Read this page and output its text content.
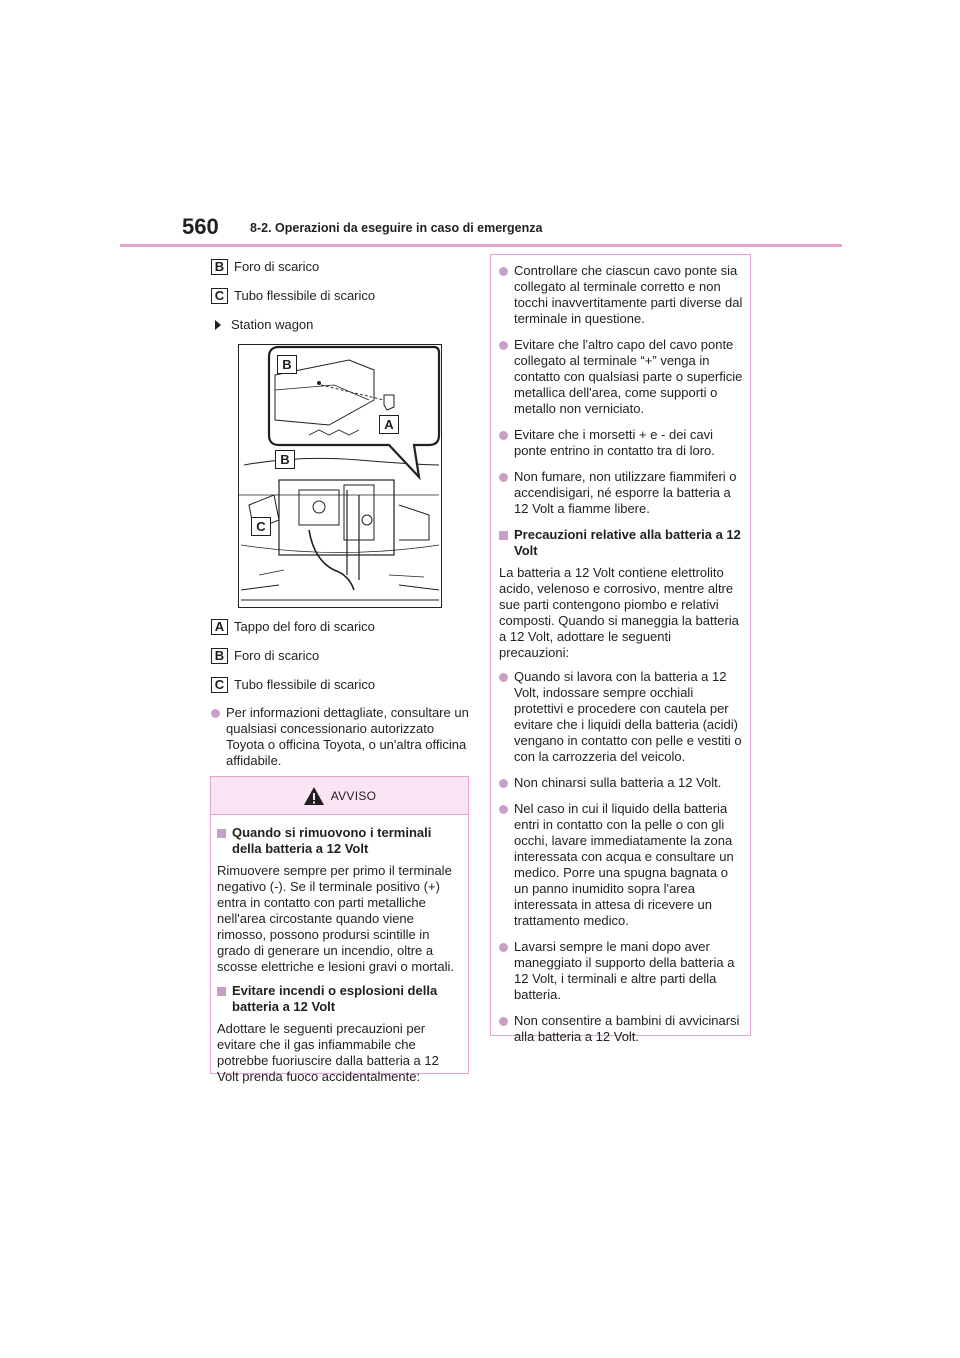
560	8-2. Operazioni da eseguire in caso di emergenza
B Foro di scarico
C Tubo flessibile di scarico
Station wagon
B
A
B
C
A Tappo del foro di scarico
B Foro di scarico
C Tubo flessibile di scarico
Per informazioni dettagliate, consultare un qualsiasi concessionario autorizzato Toyota o officina Toyota, o un'altra officina affidabile.
AVVISO
Quando si rimuovono i terminali della batteria a 12 Volt
Rimuovere sempre per primo il terminale negativo (-). Se il terminale positivo (+) entra in contatto con parti metalliche nell'area circostante quando viene rimosso, possono prodursi scintille in grado di generare un incendio, oltre a scosse elettriche e lesioni gravi o mortali.
Evitare incendi o esplosioni della batteria a 12 Volt
Adottare le seguenti precauzioni per evitare che il gas infiammabile che potrebbe fuoriuscire dalla batteria a 12 Volt prenda fuoco accidentalmente:
Controllare che ciascun cavo ponte sia collegato al terminale corretto e non tocchi inavvertitamente parti diverse dal terminale in questione.
Evitare che l'altro capo del cavo ponte collegato al terminale “+” venga in contatto con qualsiasi parte o superficie metallica dell'area, come supporti o metallo non verniciato.
Evitare che i morsetti + e - dei cavi ponte entrino in contatto tra di loro.
Non fumare, non utilizzare fiammiferi o accendisigari, né esporre la batteria a 12 Volt a fiamme libere.
Precauzioni relative alla batteria a 12 Volt
La batteria a 12 Volt contiene elettrolito acido, velenoso e corrosivo, mentre altre sue parti contengono piombo e relativi composti. Quando si maneggia la batteria a 12 Volt, adottare le seguenti precauzioni:
Quando si lavora con la batteria a 12 Volt, indossare sempre occhiali protettivi e procedere con cautela per evitare che i liquidi della batteria (acidi) vengano in contatto con pelle e vestiti o con la carrozzeria del veicolo.
Non chinarsi sulla batteria a 12 Volt.
Nel caso in cui il liquido della batteria entri in contatto con la pelle o con gli occhi, lavare immediatamente la zona interessata con acqua e consultare un medico. Porre una spugna bagnata o un panno inumidito sopra l'area interessata in attesa di ricevere un trattamento medico.
Lavarsi sempre le mani dopo aver maneggiato il supporto della batteria a 12 Volt, i terminali e altre parti della batteria.
Non consentire a bambini di avvicinarsi alla batteria a 12 Volt.
